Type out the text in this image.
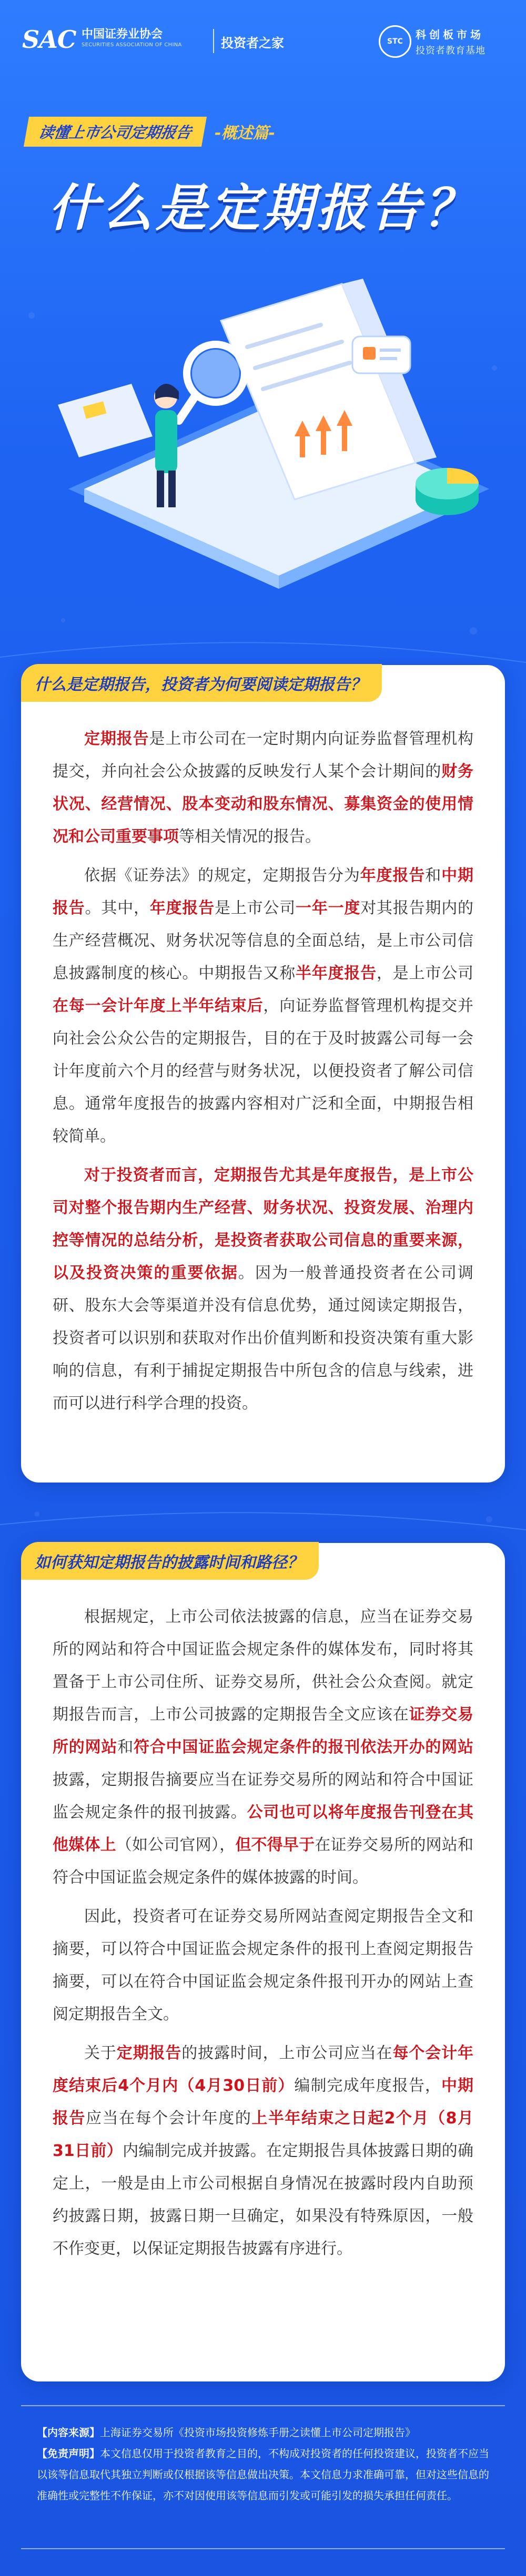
SAC 中国证券业协会
SECURITIES ASSOCIATION OF CHINA	投资者之家	STC
科创板市场
投资者教育基地
读懂上市公司定期报告	-概述篇-
什么是定期报告？
什么是定期报告，投资者为何要阅读定期报告？

定期报告是上市公司在一定时期内向证券监督管理机构提交，并向社会公众披露的反映发行人某个会计期间的财务状况、经营情况、股本变动和股东情况、募集资金的使用情况和公司重要事项等相关情况的报告。

依据《证券法》的规定，定期报告分为年度报告和中期报告。其中，年度报告是上市公司一年一度对其报告期内的生产经营概况、财务状况等信息的全面总结，是上市公司信息披露制度的核心。中期报告又称半年度报告，是上市公司在每一会计年度上半年结束后，向证券监督管理机构提交并向社会公众公告的定期报告，目的在于及时披露公司每一会计年度前六个月的经营与财务状况，以便投资者了解公司信息。通常年度报告的披露内容相对广泛和全面，中期报告相较简单。

对于投资者而言，定期报告尤其是年度报告，是上市公司对整个报告期内生产经营、财务状况、投资发展、治理内控等情况的总结分析，是投资者获取公司信息的重要来源，以及投资决策的重要依据。因为一般普通投资者在公司调研、股东大会等渠道并没有信息优势，通过阅读定期报告，投资者可以识别和获取对作出价值判断和投资决策有重大影响的信息，有利于捕捉定期报告中所包含的信息与线索，进而可以进行科学合理的投资。

如何获知定期报告的披露时间和路径？

根据规定，上市公司依法披露的信息，应当在证券交易所的网站和符合中国证监会规定条件的媒体发布，同时将其置备于上市公司住所、证券交易所，供社会公众查阅。就定期报告而言，上市公司披露的定期报告全文应该在证券交易所的网站和符合中国证监会规定条件的报刊依法开办的网站披露，定期报告摘要应当在证券交易所的网站和符合中国证监会规定条件的报刊披露。公司也可以将年度报告刊登在其他媒体上（如公司官网），但不得早于在证券交易所的网站和符合中国证监会规定条件的媒体披露的时间。

因此，投资者可在证券交易所网站查阅定期报告全文和摘要，可以符合中国证监会规定条件的报刊上查阅定期报告摘要，可以在符合中国证监会规定条件报刊开办的网站上查阅定期报告全文。

关于定期报告的披露时间，上市公司应当在每个会计年度结束后4个月内（4月30日前）编制完成年度报告，中期报告应当在每个会计年度的上半年结束之日起2个月（8月31日前）内编制完成并披露。在定期报告具体披露日期的确定上，一般是由上市公司根据自身情况在披露时段内自助预约披露日期，披露日期一旦确定，如果没有特殊原因，一般不作变更，以保证定期报告披露有序进行。

【内容来源】上海证券交易所《投资市场投资修炼手册之读懂上市公司定期报告》
【免责声明】本文信息仅用于投资者教育之目的，不构成对投资者的任何投资建议，投资者不应当以该等信息取代其独立判断或仅根据该等信息做出决策。本文信息力求准确可靠，但对这些信息的准确性或完整性不作保证，亦不对因使用该等信息而引发或可能引发的损失承担任何责任。
